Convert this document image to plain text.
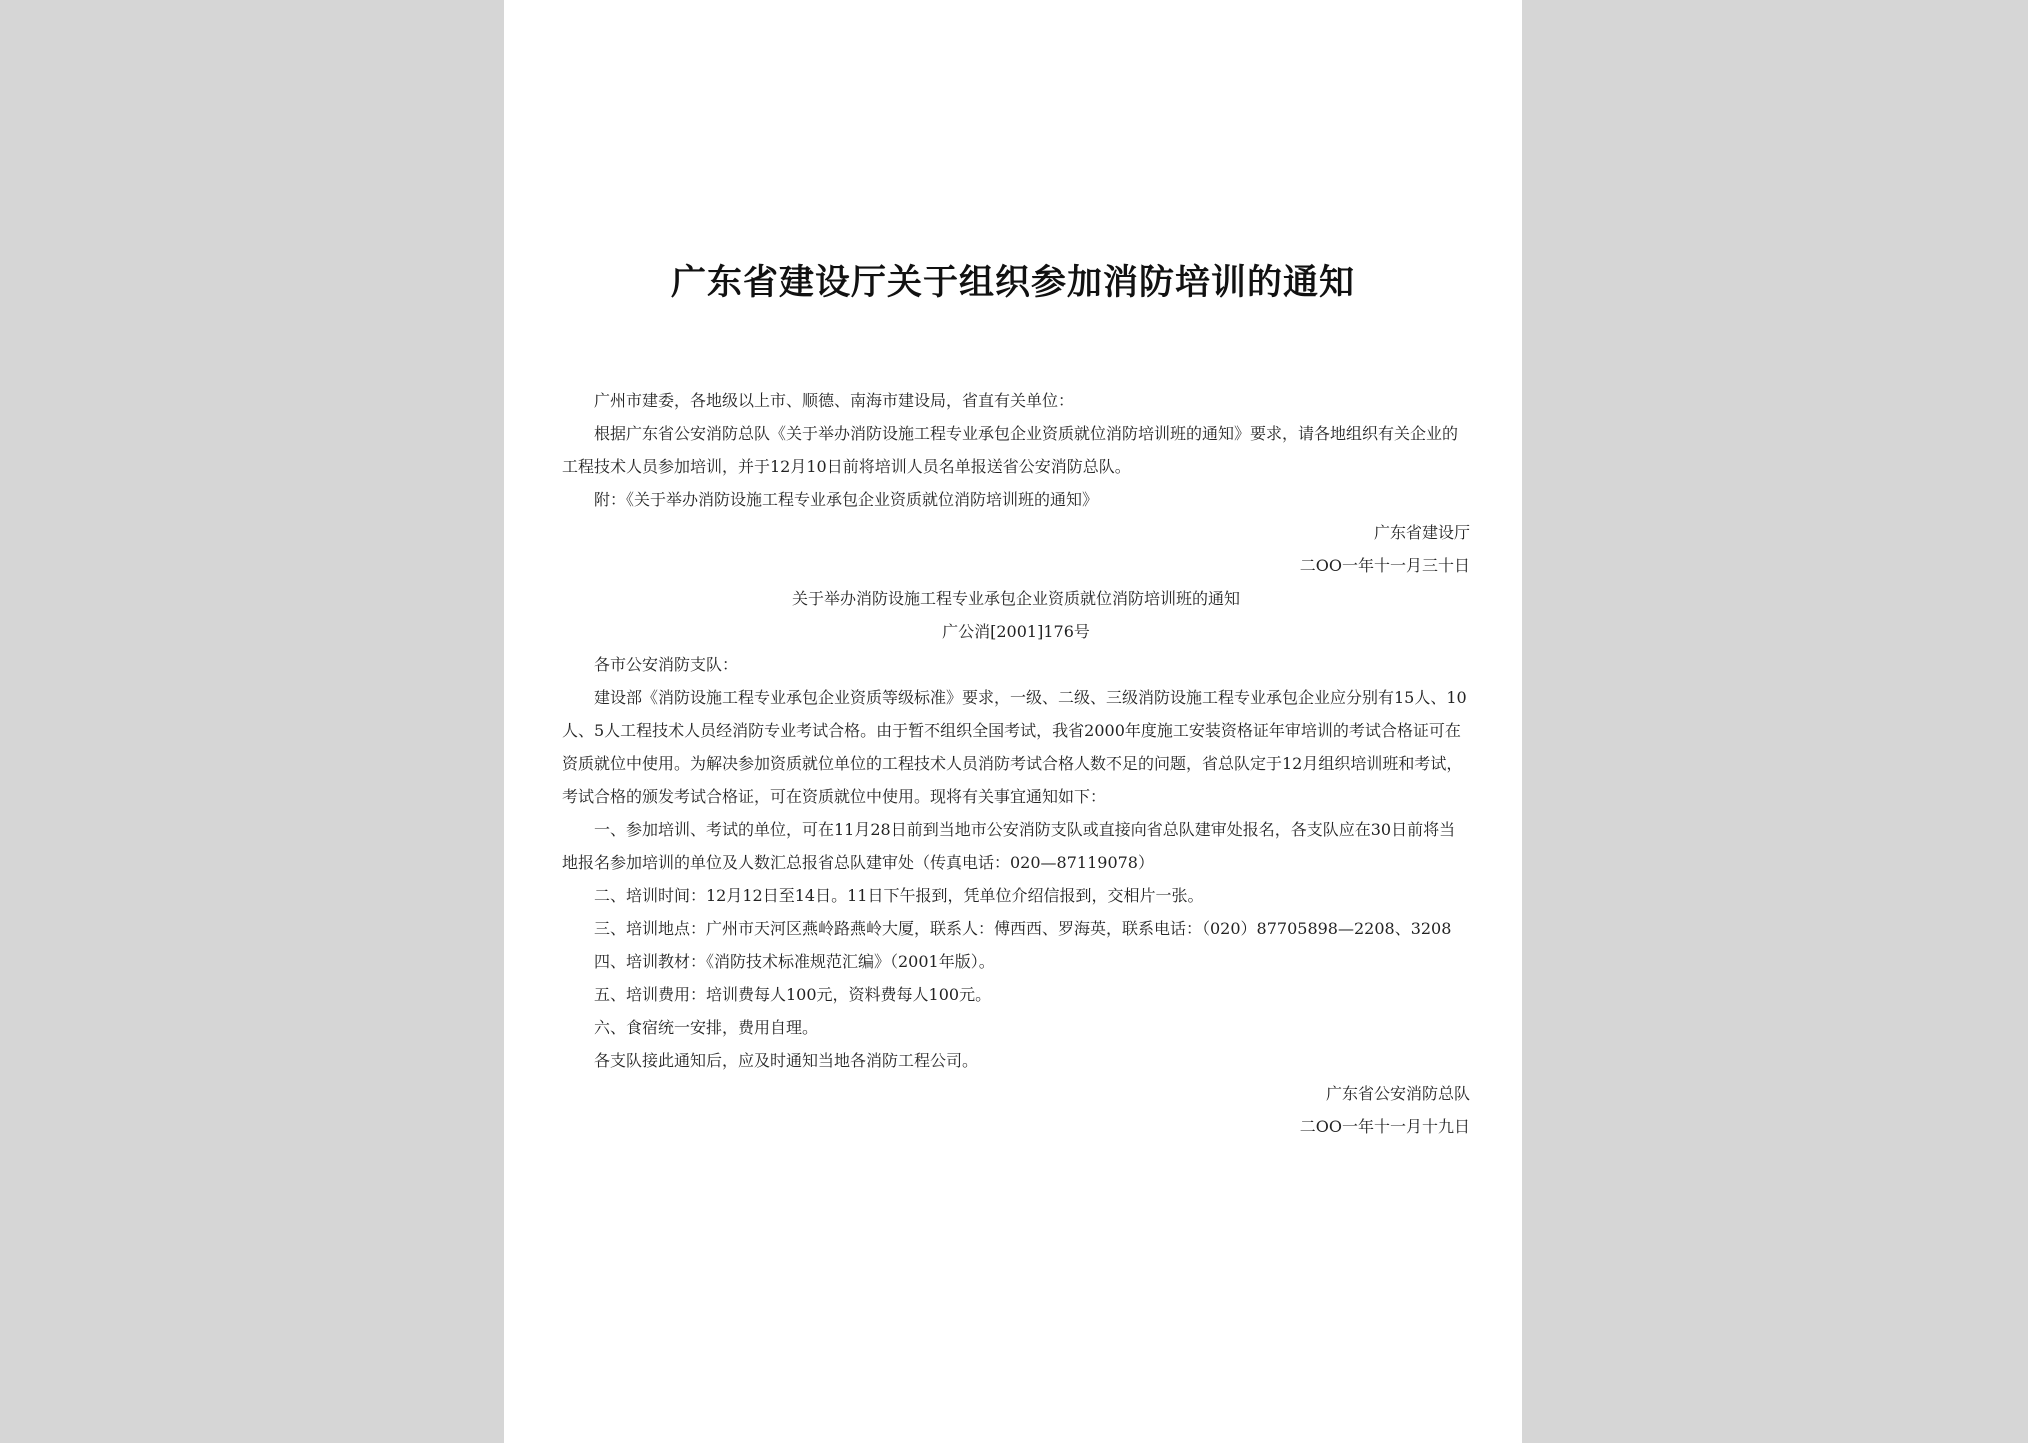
广东省建设厅关于组织参加消防培训的通知

广州市建委，各地级以上市、顺德、南海市建设局，省直有关单位：

根据广东省公安消防总队《关于举办消防设施工程专业承包企业资质就位消防培训班的通知》要求，请各地组织有关企业的工程技术人员参加培训，并于12月10日前将培训人员名单报送省公安消防总队。

附：《关于举办消防设施工程专业承包企业资质就位消防培训班的通知》

广东省建设厅

二OO一年十一月三十日

关于举办消防设施工程专业承包企业资质就位消防培训班的通知

广公消[2001]176号

各市公安消防支队：

建设部《消防设施工程专业承包企业资质等级标准》要求，一级、二级、三级消防设施工程专业承包企业应分别有15人、10人、5人工程技术人员经消防专业考试合格。由于暂不组织全国考试，我省2000年度施工安装资格证年审培训的考试合格证可在资质就位中使用。为解决参加资质就位单位的工程技术人员消防考试合格人数不足的问题，省总队定于12月组织培训班和考试，考试合格的颁发考试合格证，可在资质就位中使用。现将有关事宜通知如下：

一、参加培训、考试的单位，可在11月28日前到当地市公安消防支队或直接向省总队建审处报名，各支队应在30日前将当地报名参加培训的单位及人数汇总报省总队建审处（传真电话：020—87119078）

二、培训时间：12月12日至14日。11日下午报到，凭单位介绍信报到，交相片一张。

三、培训地点：广州市天河区燕岭路燕岭大厦，联系人：傅西西、罗海英，联系电话：（020）87705898—2208、3208

四、培训教材：《消防技术标准规范汇编》（2001年版）。

五、培训费用：培训费每人100元，资料费每人100元。

六、食宿统一安排，费用自理。

各支队接此通知后，应及时通知当地各消防工程公司。

广东省公安消防总队

二OO一年十一月十九日
